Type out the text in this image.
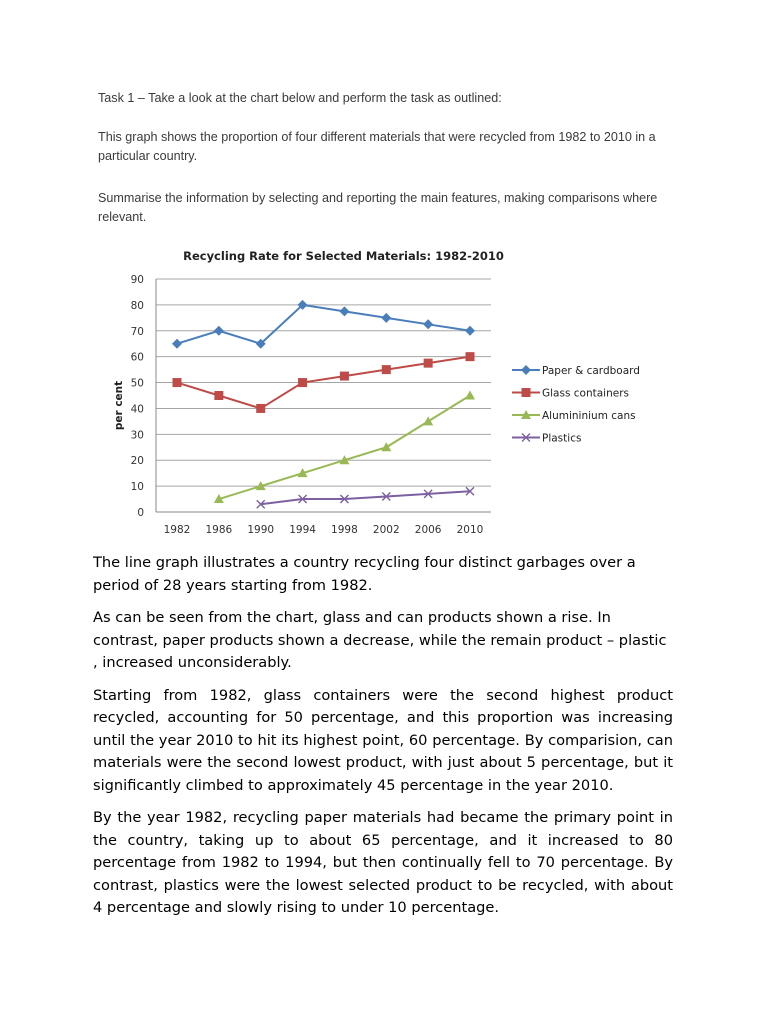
Task 1 – Take a look at the chart below and perform the task as outlined:
This graph shows the proportion of four different materials that were recycled from 1982 to 2010 in a particular country.
Summarise the information by selecting and reporting the main features, making comparisons where relevant.
Recycling Rate for Selected Materials: 1982-2010
0
10
20
30
40
50
60
70
80
90
1982 1986 1990 1994 1998 2002 2006 2010
per cent
Paper & cardboard
Glass containers
Alumininium cans
Plastics

The line graph illustrates a country recycling four distinct garbages over a period of 28 years starting from 1982.

As can be seen from the chart, glass and can products shown a rise. In contrast, paper products shown a decrease, while the remain product – plastic , increased unconsiderably.

Starting from 1982, glass containers were the second highest product recycled, accounting for 50 percentage, and this proportion was increasing until the year 2010 to hit its highest point, 60 percentage. By comparision, can materials were the second lowest product, with just about 5 percentage, but it significantly climbed to approximately 45 percentage in the year 2010.

By the year 1982, recycling paper materials had became the primary point in the country, taking up to about 65 percentage, and it increased to 80 percentage from 1982 to 1994, but then continually fell to 70 percentage. By contrast, plastics were the lowest selected product to be recycled, with about 4 percentage and slowly rising to under 10 percentage.
